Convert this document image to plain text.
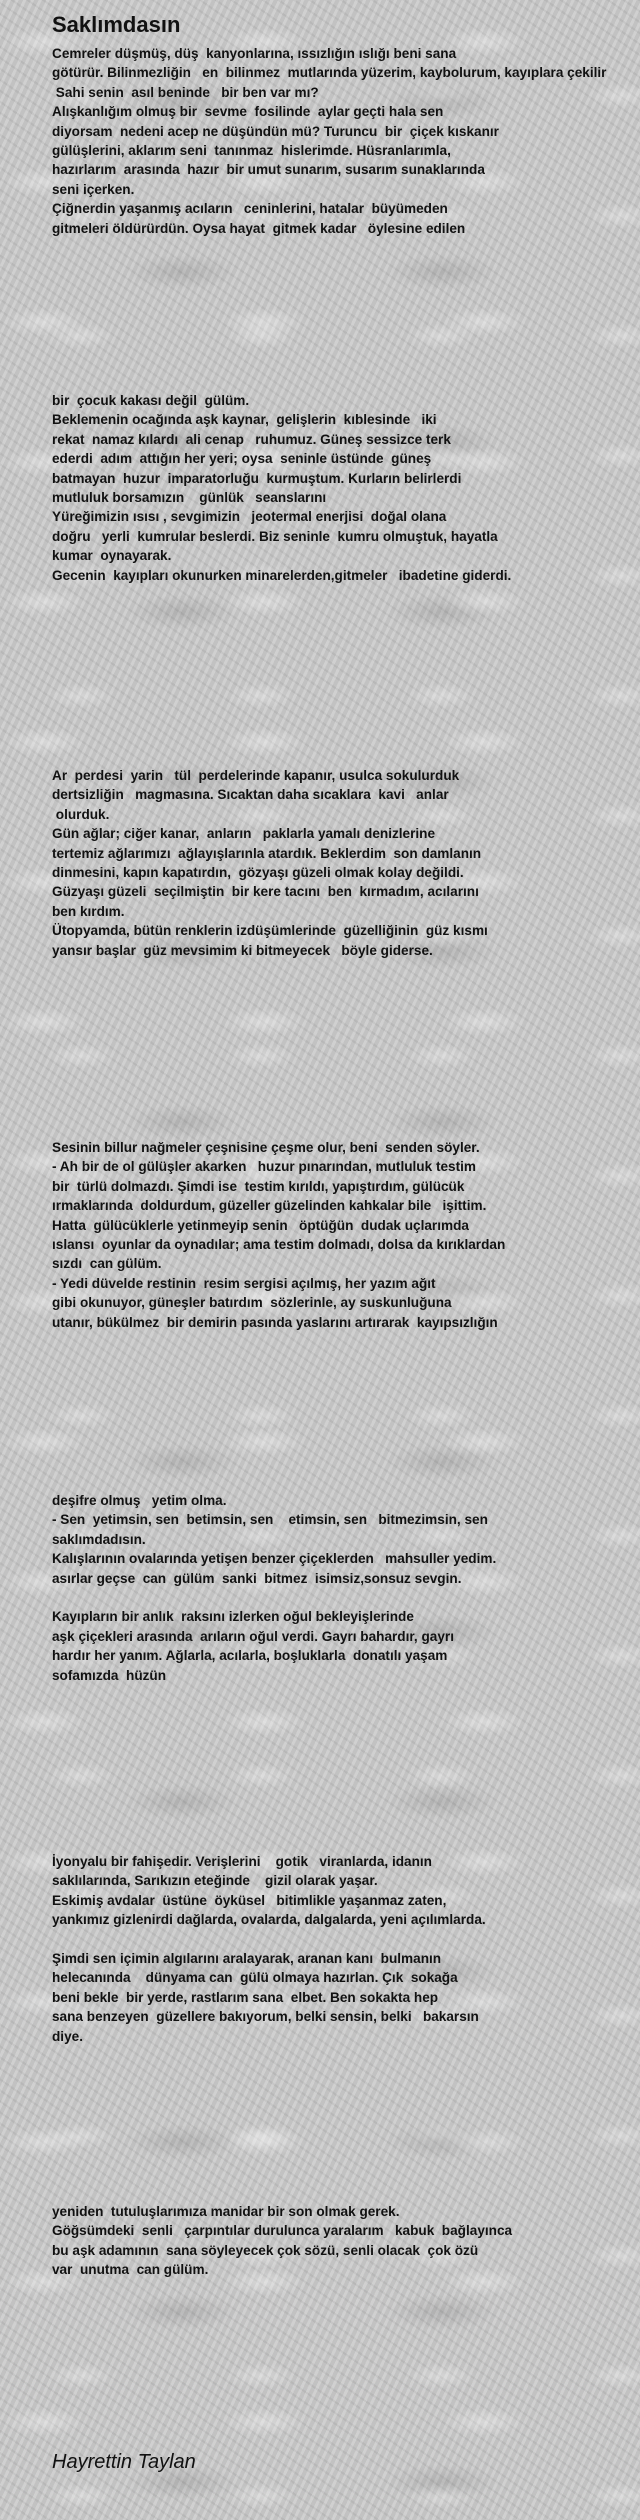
Saklımdasın

Cemreler düşmüş, düş  kanyonlarına, ıssızlığın ıslığı beni sana
götürür. Bilinmezliğin   en  bilinmez  mutlarında yüzerim, kaybolurum, kayıplara çekilir
Sahi senin  asıl beninde   bir ben var mı?
Alışkanlığım olmuş bir  sevme  fosilinde  aylar geçti hala sen
diyorsam  nedeni acep ne düşündün mü? Turuncu  bir  çiçek kıskanır
gülüşlerini, aklarım seni  tanınmaz  hislerimde. Hüsranlarımla,
hazırlarım  arasında  hazır  bir umut sunarım, susarım sunaklarında
seni içerken.
Çiğnerdin yaşanmış acıların   ceninlerini, hatalar  büyümeden
gitmeleri öldürürdün. Oysa hayat  gitmek kadar   öylesine edilen

bir  çocuk kakası değil  gülüm.
Beklemenin ocağında aşk kaynar,  gelişlerin  kıblesinde   iki
rekat  namaz kılardı  ali cenap   ruhumuz. Güneş sessizce terk
ederdi  adım  attığın her yeri; oysa  seninle üstünde  güneş
batmayan  huzur  imparatorluğu  kurmuştum. Kurların belirlerdi
mutluluk borsamızın    günlük   seanslarını
Yüreğimizin ısısı , sevgimizin   jeotermal enerjisi  doğal olana
doğru   yerli  kumrular beslerdi. Biz seninle  kumru olmuştuk, hayatla
kumar  oynayarak.
Gecenin  kayıpları okunurken minarelerden,gitmeler   ibadetine giderdi.

Ar  perdesi  yarin   tül  perdelerinde kapanır, usulca sokulurduk
dertsizliğin   magmasına. Sıcaktan daha sıcaklara  kavi   anlar
olurduk.
Gün ağlar; ciğer kanar,  anların   paklarla yamalı denizlerine
tertemiz ağlarımızı  ağlayışlarınla atardık. Beklerdim  son damlanın
dinmesini, kapın kapatırdın,  gözyaşı güzeli olmak kolay değildi.
Güzyaşı güzeli  seçilmiştin  bir kere tacını  ben  kırmadım, acılarını
ben kırdım.
Ütopyamda, bütün renklerin izdüşümlerinde  güzelliğinin  güz kısmı
yansır başlar  güz mevsimim ki bitmeyecek   böyle giderse.

Sesinin billur nağmeler çeşnisine çeşme olur, beni  senden söyler.
- Ah bir de ol gülüşler akarken   huzur pınarından, mutluluk testim
bir  türlü dolmazdı. Şimdi ise  testim kırıldı, yapıştırdım, gülücük
ırmaklarında  doldurdum, güzeller güzelinden kahkalar bile   işittim.
Hatta  gülücüklerle yetinmeyip senin   öptüğün  dudak uçlarımda
ıslansı  oyunlar da oynadılar; ama testim dolmadı, dolsa da kırıklardan
sızdı  can gülüm.
- Yedi düvelde restinin  resim sergisi açılmış, her yazım ağıt
gibi okunuyor, güneşler batırdım  sözlerinle, ay suskunluğuna
utanır, bükülmez  bir demirin pasında yaslarını artırarak  kayıpsızlığın

deşifre olmuş   yetim olma.
- Sen  yetimsin, sen  betimsin, sen    etimsin, sen   bitmezimsin, sen
saklımdadısın.
Kalışlarının ovalarında yetişen benzer çiçeklerden   mahsuller yedim.
asırlar geçse  can  gülüm  sanki  bitmez  isimsiz,sonsuz sevgin.

Kayıpların bir anlık  raksını izlerken oğul bekleyişlerinde
aşk çiçekleri arasında  arıların oğul verdi. Gayrı bahardır, gayrı
hardır her yanım. Ağlarla, acılarla, boşluklarla  donatılı yaşam
sofamızda  hüzün

İyonyalu bir fahişedir. Verişlerini    gotik   viranlarda, idanın
saklılarında, Sarıkızın eteğinde    gizil olarak yaşar.
Eskimiş avdalar  üstüne  öyküsel   bitimlikle yaşanmaz zaten,
yankımız gizlenirdi dağlarda, ovalarda, dalgalarda, yeni açılımlarda.

Şimdi sen içimin algılarını aralayarak, aranan kanı  bulmanın
helecanında    dünyama can  gülü olmaya hazırlan. Çık  sokağa
beni bekle  bir yerde, rastlarım sana  elbet. Ben sokakta hep
sana benzeyen  güzellere bakıyorum, belki sensin, belki   bakarsın
diye.

yeniden  tutuluşlarımıza manidar bir son olmak gerek.
Göğsümdeki  senli   çarpıntılar durulunca yaralarım   kabuk  bağlayınca
bu aşk adamının  sana söyleyecek çok sözü, senli olacak  çok özü
var  unutma  can gülüm.

Hayrettin Taylan
